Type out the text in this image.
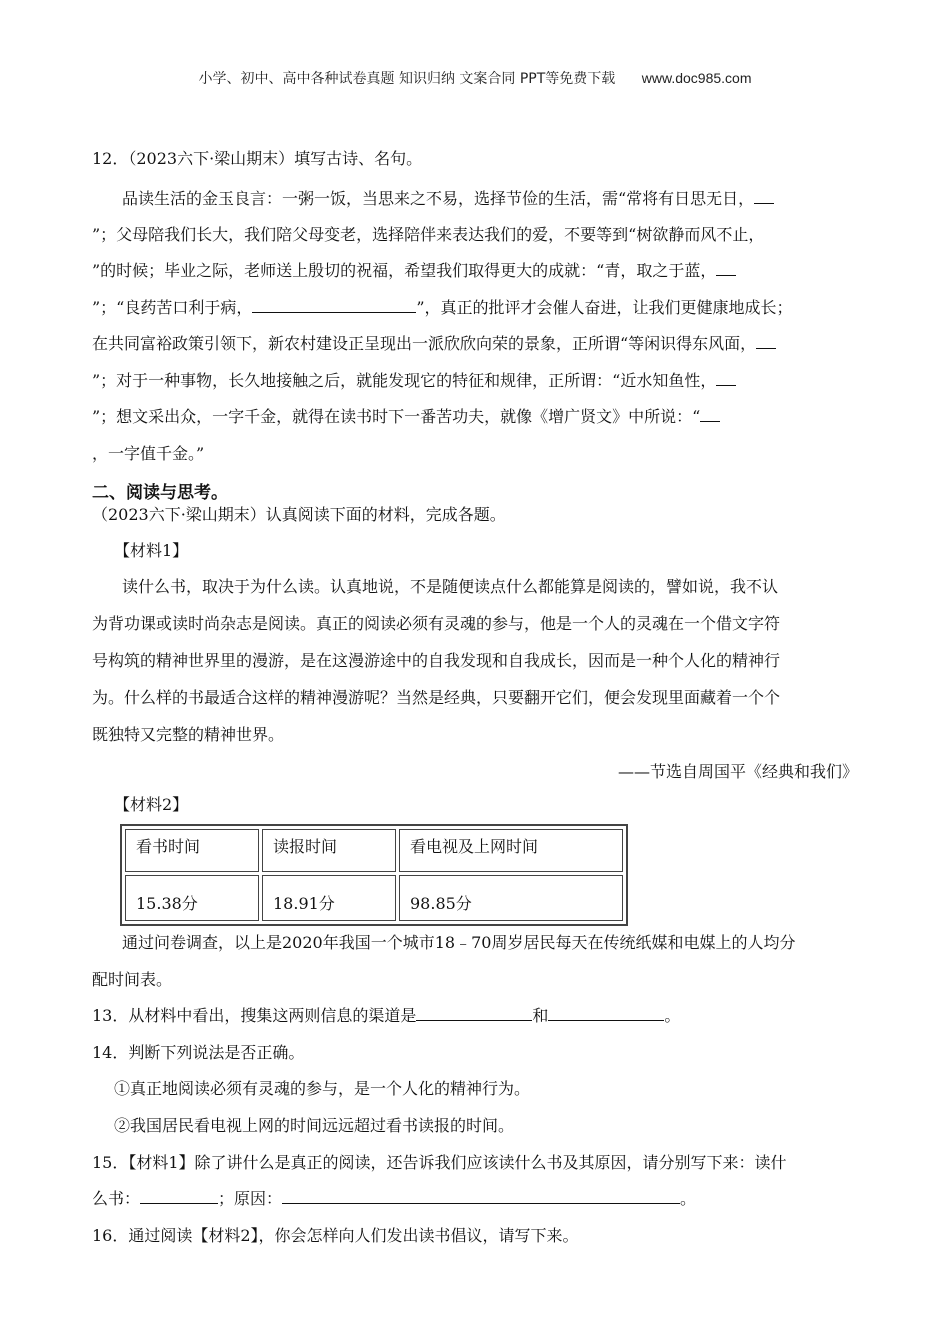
小学、初中、高中各种试卷真题 知识归纳 文案合同 PPT等免费下载 www.doc985.com
12．（2023六下·梁山期末）填写古诗、名句。
品读生活的金玉良言：一粥一饭，当思来之不易，选择节俭的生活，需“常将有日思无日，
”；父母陪我们长大，我们陪父母变老，选择陪伴来表达我们的爱，不要等到“树欲静而风不止，
”的时候；毕业之际，老师送上殷切的祝福，希望我们取得更大的成就：“青，取之于蓝，
”；“良药苦口利于病，	”，真正的批评才会催人奋进，让我们更健康地成长；
在共同富裕政策引领下，新农村建设正呈现出一派欣欣向荣的景象，正所谓“等闲识得东风面，
”；对于一种事物，长久地接触之后，就能发现它的特征和规律，正所谓：“近水知鱼性，
”；想文采出众，一字千金，就得在读书时下一番苦功夫，就像《增广贤文》中所说：“
，一字值千金。”
二、阅读与思考。
（2023六下·梁山期末）认真阅读下面的材料，完成各题。
【材料1】
读什么书，取决于为什么读。认真地说，不是随便读点什么都能算是阅读的，譬如说，我不认
为背功课或读时尚杂志是阅读。真正的阅读必须有灵魂的参与，他是一个人的灵魂在一个借文字符
号构筑的精神世界里的漫游，是在这漫游途中的自我发现和自我成长，因而是一种个人化的精神行
为。什么样的书最适合这样的精神漫游呢？当然是经典，只要翻开它们，便会发现里面藏着一个个
既独特又完整的精神世界。
——节选自周国平《经典和我们》
【材料2】
看书时间	读报时间	看电视及上网时间
15.38分	18.91分	98.85分
通过问卷调查，以上是2020年我国一个城市18﹣70周岁居民每天在传统纸媒和电媒上的人均分
配时间表。
13．从材料中看出，搜集这两则信息的渠道是	和	。
14．判断下列说法是否正确。
①真正地阅读必须有灵魂的参与，是一个人化的精神行为。
②我国居民看电视上网的时间远远超过看书读报的时间。
15．【材料1】除了讲什么是真正的阅读，还告诉我们应该读什么书及其原因，请分别写下来：读什
么书：	；原因：	。
16．通过阅读【材料2】，你会怎样向人们发出读书倡议，请写下来。
